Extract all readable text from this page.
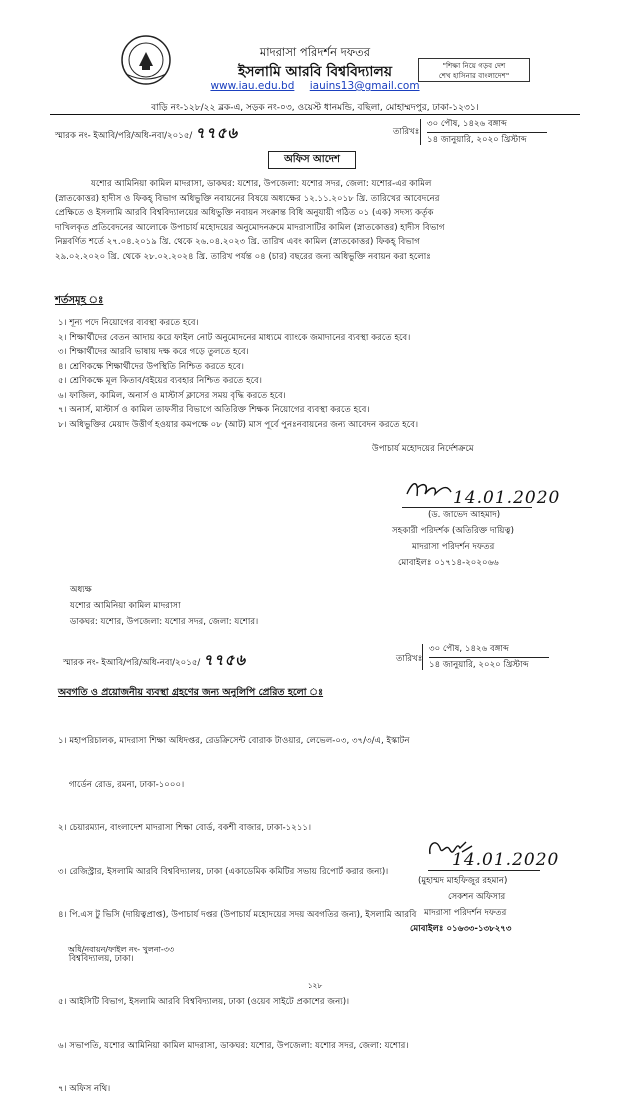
মাদরাসা পরিদর্শন দফতর
ইসলামি আরবি বিশ্ববিদ্যালয়
www.iau.edu.bd iauins13@gmail.com
"শিক্ষা নিয়ে গড়ব দেশ
শেখ হাসিনার বাংলাদেশ"
বাড়ি নং-১২৮/২২ ব্লক-এ, সড়ক নং-০৩, ওয়েস্ট ধানমন্ডি, বছিলা, মোহাম্মদপুর, ঢাকা-১২৩১।
স্মারক নং- ইআবি/পরি/অধি-নবা/২০১৫/ ৭৭৫৬	তারিখঃ
৩০ পৌষ, ১৪২৬ বঙ্গাব্দ
১৪ জানুয়ারি, ২০২০ খ্রিস্টাব্দ
অফিস আদেশ
যশোর আমিনিয়া কামিল মাদরাসা, ডাকঘর: যশোর, উপজেলা: যশোর সদর, জেলা: যশোর-এর কামিল
(স্নাতকোত্তর) হাদীস ও ফিকহ্ বিভাগ অধিভুক্তি নবায়নের বিষয়ে অধ্যক্ষের ১২.১১.২০১৮ খ্রি. তারিখের আবেদনের
প্রেক্ষিতে ও ইসলামি আরবি বিশ্ববিদ্যালয়ের অধিভুক্তি নবায়ন সংক্রান্ত বিধি অনুযায়ী গঠিত ০১ (এক) সদস্য কর্তৃক
দাখিলকৃত প্রতিবেদনের আলোকে উপাচার্য মহোদয়ের অনুমোদনক্রমে মাদরাসাটির কামিল (স্নাতকোত্তর) হাদীস বিভাগ
নিম্নবর্ণিত শর্তে ২৭.০৪.২০১৯ খ্রি. থেকে ২৬.০৪.২০২৩ খ্রি. তারিখ এবং কামিল (স্নাতকোত্তর) ফিকহ্ বিভাগ
২৯.০২.২০২০ খ্রি. থেকে ২৮.০২.২০২৪ খ্রি. তারিখ পর্যন্ত ০৪ (চার) বছরের জন্য অধিভুক্তি নবায়ন করা হলোঃ
শর্তসমূহ ঃ
১। শূন্য পদে নিয়োগের ব্যবস্থা করতে হবে।
২। শিক্ষার্থীদের বেতন আদায় করে ফাইল নোট অনুমোদনের মাধ্যমে ব্যাংকে জমাদানের ব্যবস্থা করতে হবে।
৩। শিক্ষার্থীদের আরবি ভাষায় দক্ষ করে গড়ে তুলতে হবে।
৪। শ্রেণিকক্ষে শিক্ষার্থীদের উপস্থিতি নিশ্চিত করতে হবে।
৫। শ্রেণিকক্ষে মূল কিতাব/বইয়ের ব্যবহার নিশ্চিত করতে হবে।
৬। ফাজিল, কামিল, অনার্স ও মাস্টার্স ক্লাসের সময় বৃদ্ধি করতে হবে।
৭। অনার্স, মাস্টার্স ও কামিল তাফসীর বিভাগে অতিরিক্ত শিক্ষক নিয়োগের ব্যবস্থা করতে হবে।
৮। অধিভুক্তির মেয়াদ উত্তীর্ণ হওয়ার কমপক্ষে ০৮ (আট) মাস পূর্বে পুনঃনবায়নের জন্য আবেদন করতে হবে।
উপাচার্য মহোদয়ের নির্দেশক্রমে
14.01.2020
(ড. জাভেদ আহমাদ)
সহকারী পরিদর্শক (অতিরিক্ত দায়িত্ব)
মাদরাসা পরিদর্শন দফতর
মোবাইলঃ ০১৭১৪-২০২০৬৬
অধ্যক্ষ
যশোর আমিনিয়া কামিল মাদরাসা
ডাকঘর: যশোর, উপজেলা: যশোর সদর, জেলা: যশোর।
স্মারক নং- ইআবি/পরি/অধি-নবা/২০১৫/ ৭৭৫৬	তারিখঃ
৩০ পৌষ, ১৪২৬ বঙ্গাব্দ
১৪ জানুয়ারি, ২০২০ খ্রিস্টাব্দ
অবগতি ও প্রয়োজনীয় ব্যবস্থা গ্রহণের জন্য অনুলিপি প্রেরিত হলো ঃ

১। মহাপরিচালক, মাদরাসা শিক্ষা অধিদপ্তর, রেডক্রিসেন্ট বোরাক টাওয়ার, লেভেল-০৩, ৩৭/৩/এ, ইস্কাটন

গার্ডেন রোড, রমনা, ঢাকা-১০০০।

২। চেয়ারম্যান, বাংলাদেশ মাদরাসা শিক্ষা বোর্ড, বকশী বাজার, ঢাকা-১২১১।

৩। রেজিস্ট্রার, ইসলামি আরবি বিশ্ববিদ্যালয়, ঢাকা (একাডেমিক কমিটির সভায় রিপোর্ট করার জন্য)।

৪। পি.এস টু ভিসি (দায়িত্বপ্রাপ্ত), উপাচার্য দপ্তর (উপাচার্য মহোদয়ের সদয় অবগতির জন্য), ইসলামি আরবি

বিশ্ববিদ্যালয়, ঢাকা।

৫। আইসিটি বিভাগ, ইসলামি আরবি বিশ্ববিদ্যালয়, ঢাকা (ওয়েব সাইটে প্রকাশের জন্য)।

৬। সভাপতি, যশোর আমিনিয়া কামিল মাদরাসা, ডাকঘর: যশোর, উপজেলা: যশোর সদর, জেলা: যশোর।

৭। অফিস নথি।

14.01.2020
(মুহাম্মদ মাহফিজুর রহমান)
সেকশন অফিসার
মাদরাসা পরিদর্শন দফতর
মোবাইলঃ ০১৬৩৩-১৩৮২৭৩
অধি/নবায়ন/ফাইল নং- খুলনা-৩৩
১২৮
